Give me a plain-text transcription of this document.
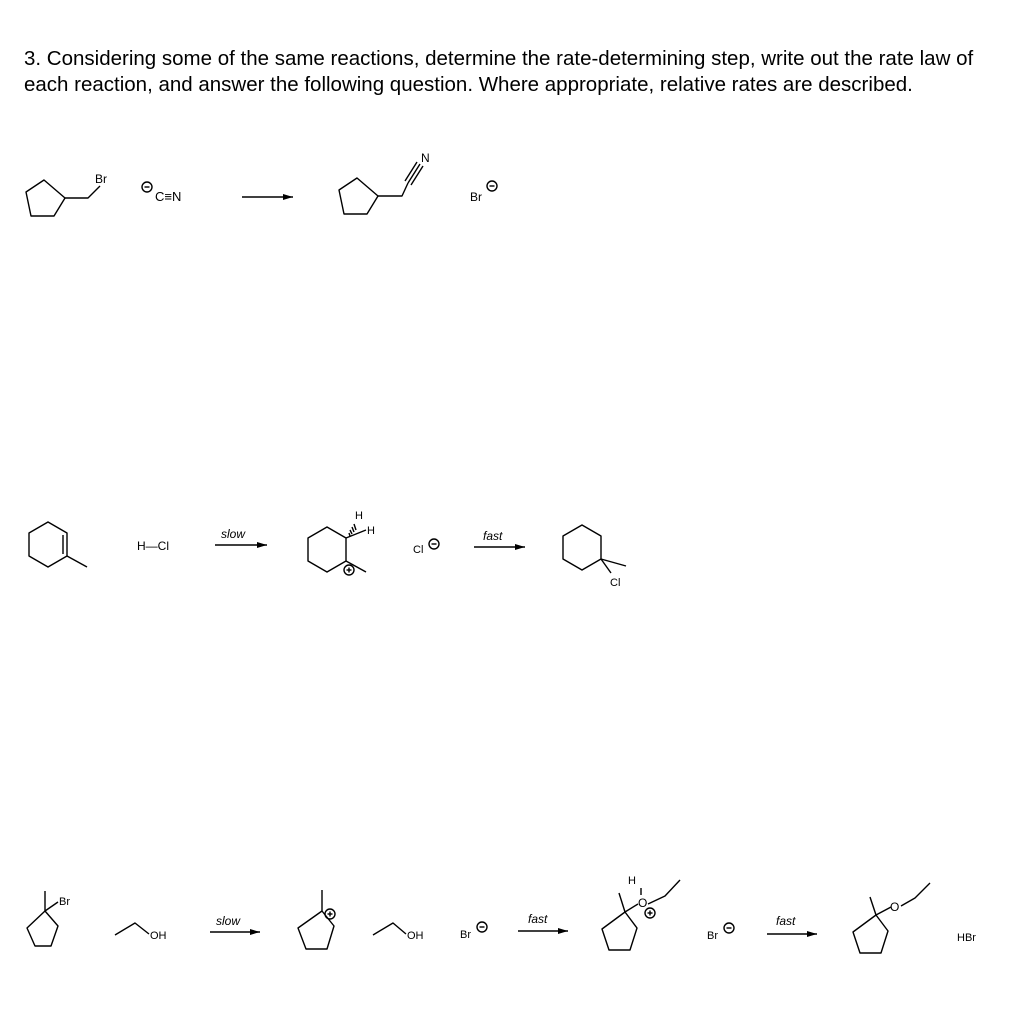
3. Considering some of the same reactions, determine the rate-determining step, write out the rate law of each reaction, and answer the following question. Where appropriate, relative rates are described.

Br
C≡N
N
Br
H—Cl
slow
H
H
Cl
fast
Cl
Br
OH
slow
OH	Br
fast
H
O
Br
fast
O
HBr
